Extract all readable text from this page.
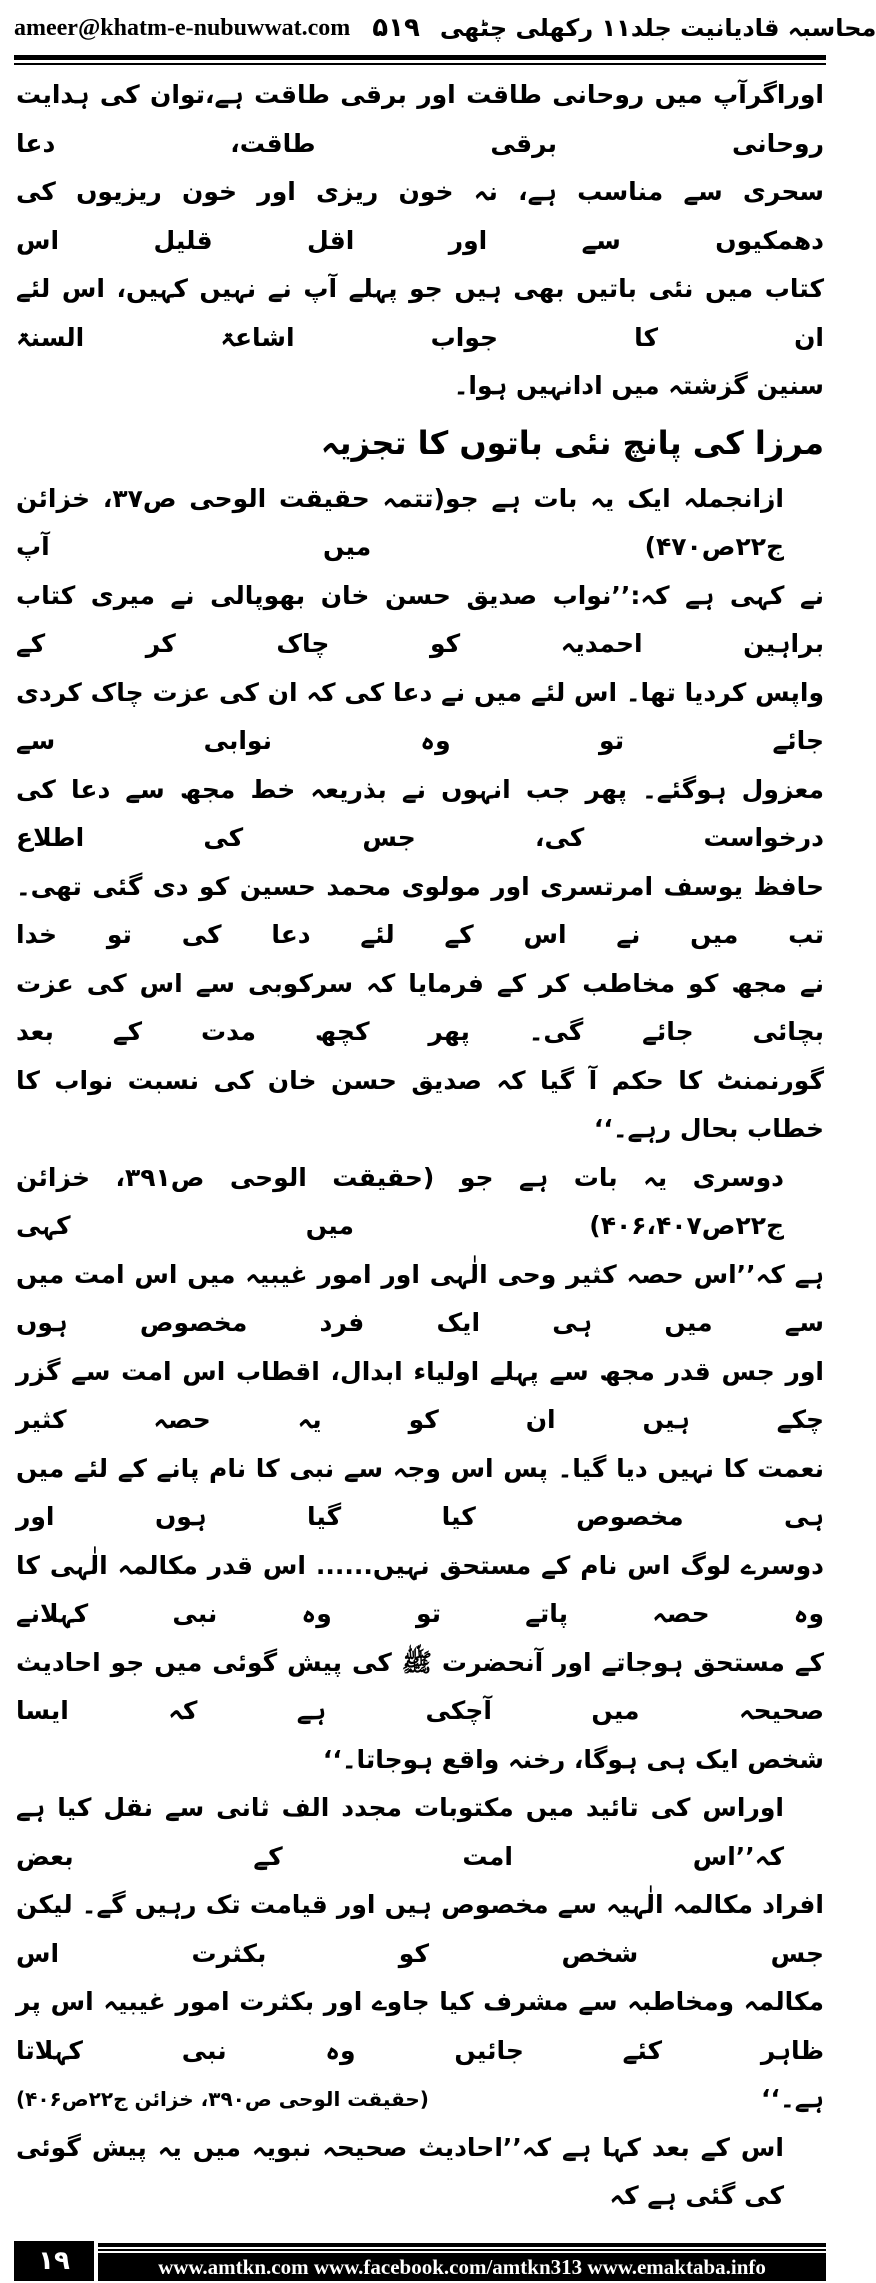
ameer@khatm-e-nubuwwat.com ۵۱۹ محاسبہ قادیانیت جلد۱۱ رکھلی چٹھی
اوراگرآپ میں روحانی طاقت اور برقی طاقت ہے،توان کی ہدایت روحانی برقی طاقت، دعا
سحری سے مناسب ہے، نہ خون ریزی اور خون ریزیوں کی دھمکیوں سے اور اقل قلیل اس
کتاب میں نئی باتیں بھی ہیں جو پہلے آپ نے نہیں کہیں، اس لئے ان کا جواب اشاعۃ السنۃ
سنین گزشتہ میں ادانہیں ہوا۔
مرزا کی پانچ نئی باتوں کا تجزیہ
ازانجملہ ایک یہ بات ہے جو(تتمہ حقیقت الوحی ص۳۷، خزائن ج۲۲ص۴۷۰) میں آپ
نے کہی ہے کہ:’’نواب صدیق حسن خان بھوپالی نے میری کتاب براہین احمدیہ کو چاک کر کے
واپس کردیا تھا۔ اس لئے میں نے دعا کی کہ ان کی عزت چاک کردی جائے تو وہ نوابی سے
معزول ہوگئے۔ پھر جب انہوں نے بذریعہ خط مجھ سے دعا کی درخواست کی، جس کی اطلاع
حافظ یوسف امرتسری اور مولوی محمد حسین کو دی گئی تھی۔ تب میں نے اس کے لئے دعا کی تو خدا
نے مجھ کو مخاطب کر کے فرمایا کہ سرکوبی سے اس کی عزت بچائی جائے گی۔ پھر کچھ مدت کے بعد
گورنمنٹ کا حکم آ گیا کہ صدیق حسن خان کی نسبت نواب کا خطاب بحال رہے۔‘‘
دوسری یہ بات ہے جو (حقیقت الوحی ص۳۹۱، خزائن ج۲۲ص۴۰۶،۴۰۷) میں کہی
ہے کہ’’اس حصہ کثیر وحی الٰہی اور امور غیبیہ میں اس امت میں سے میں ہی ایک فرد مخصوص ہوں
اور جس قدر مجھ سے پہلے اولیاء ابدال، اقطاب اس امت سے گزر چکے ہیں ان کو یہ حصہ کثیر
نعمت کا نہیں دیا گیا۔ پس اس وجہ سے نبی کا نام پانے کے لئے میں ہی مخصوص کیا گیا ہوں اور
دوسرے لوگ اس نام کے مستحق نہیں...... اس قدر مکالمہ الٰہی کا وہ حصہ پاتے تو وہ نبی کہلانے
کے مستحق ہوجاتے اور آنحضرت ﷺ کی پیش گوئی میں جو احادیث صحیحہ میں آچکی ہے کہ ایسا
شخص ایک ہی ہوگا، رخنہ واقع ہوجاتا۔‘‘
اوراس کی تائید میں مکتوبات مجدد الف ثانی سے نقل کیا ہے کہ’’اس امت کے بعض
افراد مکالمہ الٰہیہ سے مخصوص ہیں اور قیامت تک رہیں گے۔ لیکن جس شخص کو بکثرت اس
مکالمہ ومخاطبہ سے مشرف کیا جاوے اور بکثرت امور غیبیہ اس پر ظاہر کئے جائیں وہ نبی کہلاتا
ہے۔‘‘
(حقیقت الوحی ص۳۹۰، خزائن ج۲۲ص۴۰۶)
اس کے بعد کہا ہے کہ’’احادیث صحیحہ نبویہ میں یہ پیش گوئی کی گئی ہے کہ
۱۹	www.amtkn.com www.facebook.com/amtkn313 www.emaktaba.info
